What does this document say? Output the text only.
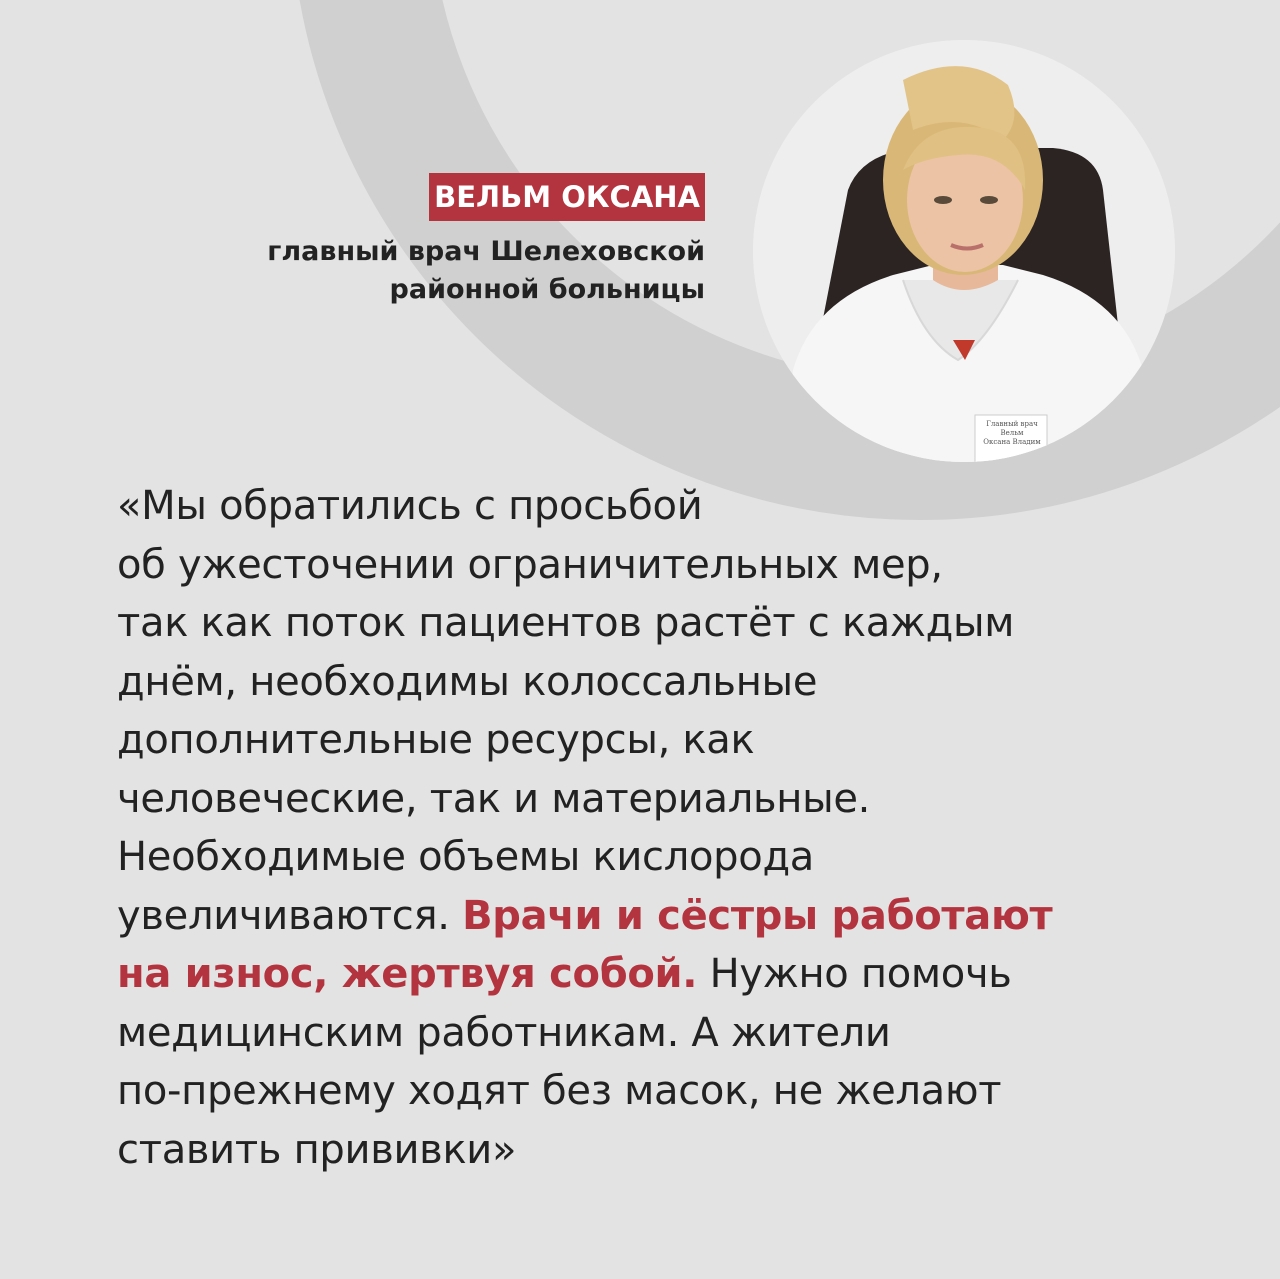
ВЕЛЬМ ОКСАНА
главный врач Шелеховской
районной больницы
Главный врач
Вельм
Оксана Владим
«Мы обратились с просьбой
об ужесточении ограничительных мер,
так как поток пациентов растёт с каждым
днём, необходимы колоссальные
дополнительные ресурсы, как
человеческие, так и материальные.
Необходимые объемы кислорода
увеличиваются. Врачи и сёстры работают
на износ, жертвуя собой. Нужно помочь
медицинским работникам. А жители
по-прежнему ходят без масок, не желают
ставить прививки»
